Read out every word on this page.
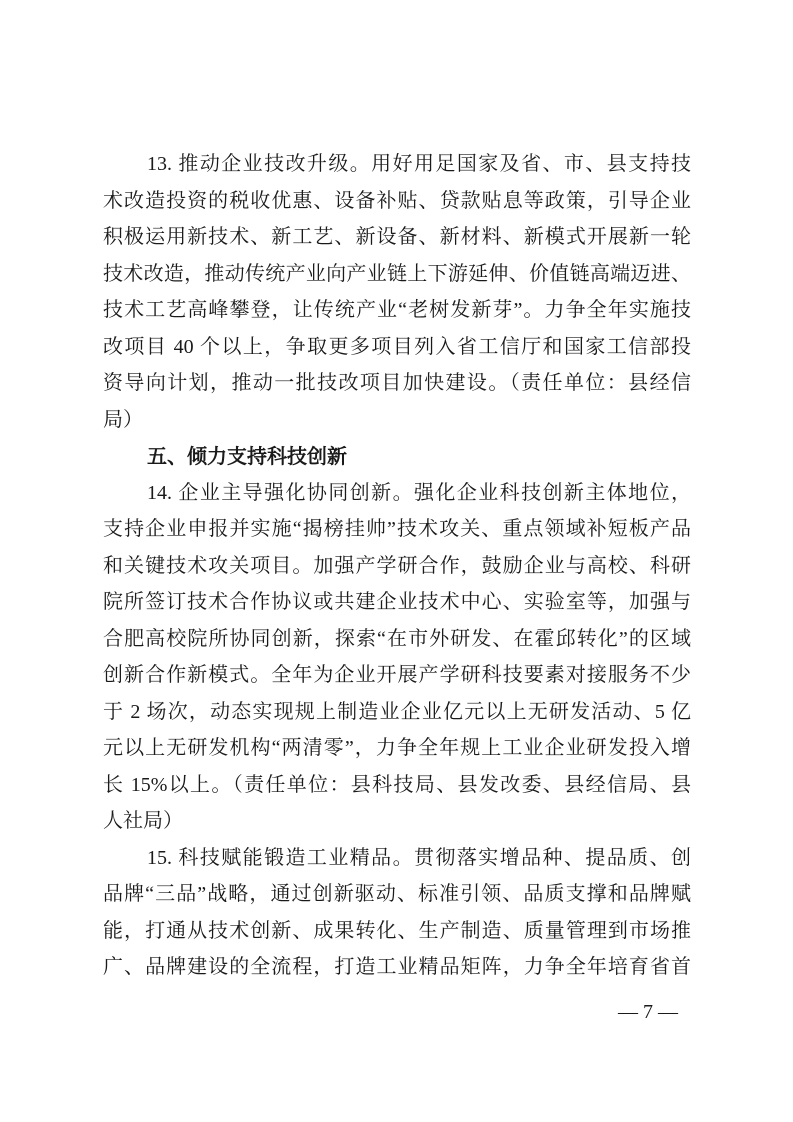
13. 推动企业技改升级。用好用足国家及省、市、县支持技
术改造投资的税收优惠、设备补贴、贷款贴息等政策，引导企业
积极运用新技术、新工艺、新设备、新材料、新模式开展新一轮
技术改造，推动传统产业向产业链上下游延伸、价值链高端迈进、
技术工艺高峰攀登，让传统产业“老树发新芽”。力争全年实施技
改项目 40 个以上，争取更多项目列入省工信厅和国家工信部投
资导向计划，推动一批技改项目加快建设。（责任单位：县经信
局）
五、倾力支持科技创新
14. 企业主导强化协同创新。强化企业科技创新主体地位，
支持企业申报并实施“揭榜挂帅”技术攻关、重点领域补短板产品
和关键技术攻关项目。加强产学研合作，鼓励企业与高校、科研
院所签订技术合作协议或共建企业技术中心、实验室等，加强与
合肥高校院所协同创新，探索“在市外研发、在霍邱转化”的区域
创新合作新模式。全年为企业开展产学研科技要素对接服务不少
于 2 场次，动态实现规上制造业企业亿元以上无研发活动、5 亿
元以上无研发机构“两清零”，力争全年规上工业企业研发投入增
长 15%以上。（责任单位：县科技局、县发改委、县经信局、县
人社局）
15. 科技赋能锻造工业精品。贯彻落实增品种、提品质、创
品牌“三品”战略，通过创新驱动、标准引领、品质支撑和品牌赋
能，打通从技术创新、成果转化、生产制造、质量管理到市场推
广、品牌建设的全流程，打造工业精品矩阵，力争全年培育省首
— 7 —
